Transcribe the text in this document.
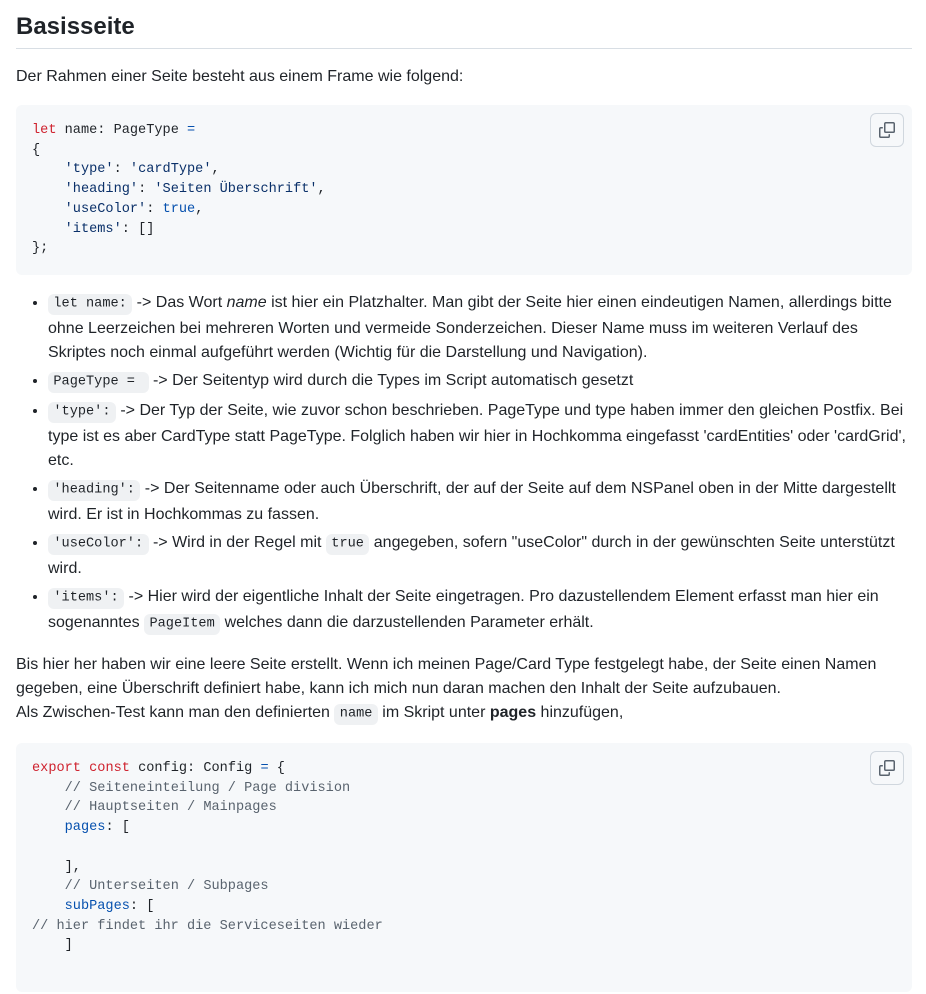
Basisseite

Der Rahmen einer Seite besteht aus einem Frame wie folgend:

let name: PageType =
{
'type': 'cardType',
'heading': 'Seiten Überschrift',
'useColor': true,
'items': []
};
• let name: -> Das Wort name ist hier ein Platzhalter. Man gibt der Seite hier einen eindeutigen Namen, allerdings bitte ohne Leerzeichen bei mehreren Worten und vermeide Sonderzeichen. Dieser Name muss im weiteren Verlauf des Skriptes noch einmal aufgeführt werden (Wichtig für die Darstellung und Navigation).
• PageType =  -> Der Seitentyp wird durch die Types im Script automatisch gesetzt
• 'type': -> Der Typ der Seite, wie zuvor schon beschrieben. PageType und type haben immer den gleichen Postfix. Bei type ist es aber CardType statt PageType. Folglich haben wir hier in Hochkomma eingefasst 'cardEntities' oder 'cardGrid', etc.
• 'heading': -> Der Seitenname oder auch Überschrift, der auf der Seite auf dem NSPanel oben in der Mitte dargestellt wird. Er ist in Hochkommas zu fassen.
• 'useColor': -> Wird in der Regel mit true angegeben, sofern "useColor" durch in der gewünschten Seite unterstützt wird.
• 'items': -> Hier wird der eigentliche Inhalt der Seite eingetragen. Pro dazustellendem Element erfasst man hier ein sogenanntes PageItem welches dann die darzustellenden Parameter erhält.

Bis hier her haben wir eine leere Seite erstellt. Wenn ich meinen Page/Card Type festgelegt habe, der Seite einen Namen gegeben, eine Überschrift definiert habe, kann ich mich nun daran machen den Inhalt der Seite aufzubauen.
Als Zwischen-Test kann man den definierten name im Skript unter pages hinzufügen,

export const config: Config = {
// Seiteneinteilung / Page division
// Hauptseiten / Mainpages
pages: [

],
// Unterseiten / Subpages
subPages: [
// hier findet ihr die Serviceseiten wieder
]
